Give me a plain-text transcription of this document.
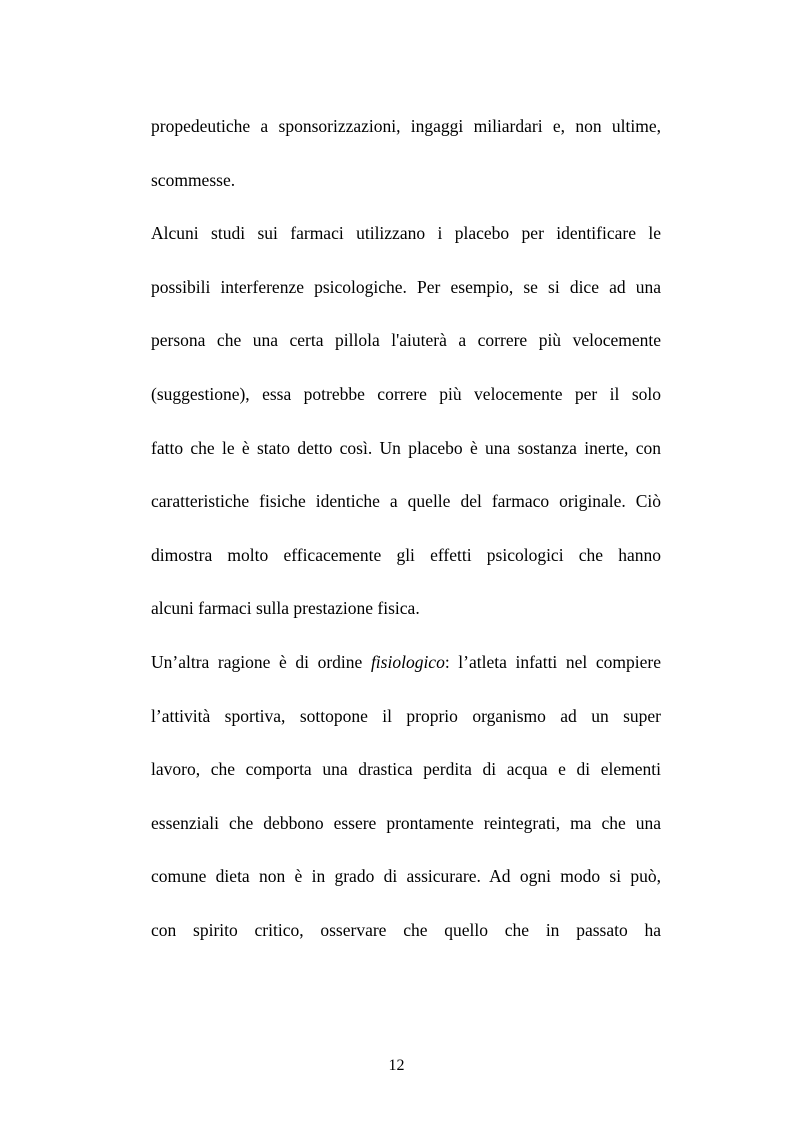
propedeutiche a sponsorizzazioni, ingaggi miliardari e, non ultime,
scommesse.
Alcuni studi sui farmaci utilizzano i placebo per identificare le
possibili interferenze psicologiche. Per esempio, se si dice ad una
persona che una certa pillola l'aiuterà a correre più velocemente
(suggestione), essa potrebbe correre più velocemente per il solo
fatto che le è stato detto così. Un placebo è una sostanza inerte, con
caratteristiche fisiche identiche a quelle del farmaco originale. Ciò
dimostra molto efficacemente gli effetti psicologici che hanno
alcuni farmaci sulla prestazione fisica.
Un’altra ragione è di ordine fisiologico: l’atleta infatti nel compiere
l’attività sportiva, sottopone il proprio organismo ad un super
lavoro, che comporta una drastica perdita di acqua e di elementi
essenziali che debbono essere prontamente reintegrati, ma che una
comune dieta non è in grado di assicurare. Ad ogni modo si può,
con spirito critico, osservare che quello che in passato ha
12
